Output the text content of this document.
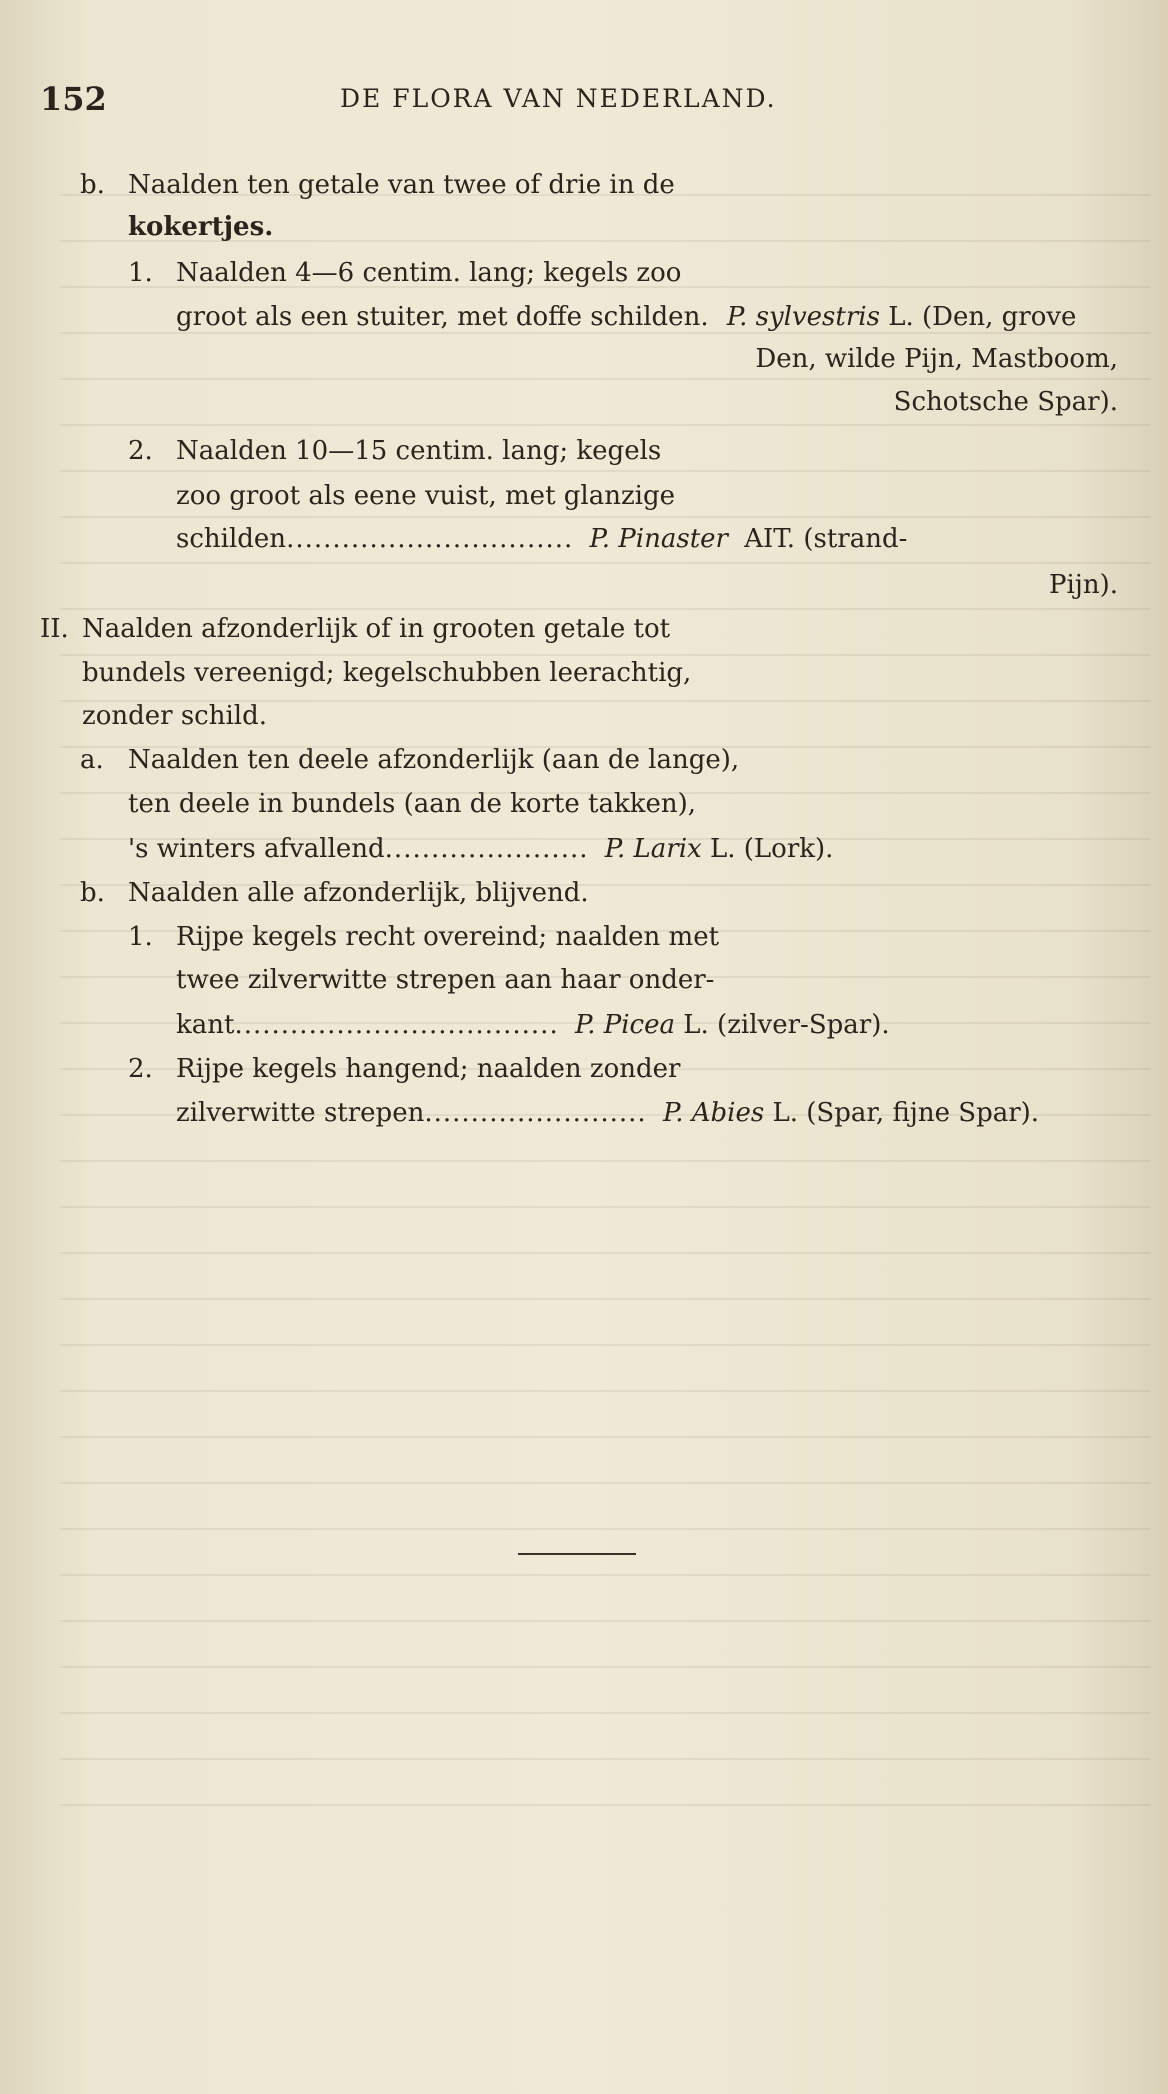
152	DE FLORA VAN NEDERLAND.
b. Naalden ten getale van twee of drie in de
kokertjes.
1. Naalden 4—6 centim. lang; kegels zoo
groot als een stuiter, met doffe schilden. P. sylvestris L. (Den, grove
Den, wilde Pijn, Mastboom,
Schotsche Spar).
2. Naalden 10—15 centim. lang; kegels
zoo groot als eene vuist, met glanzige
schilden............................... P. Pinaster AIT. (strand-
Pijn).
II. Naalden afzonderlijk of in grooten getale tot
bundels vereenigd; kegelschubben leerachtig,
zonder schild.
a. Naalden ten deele afzonderlijk (aan de lange),
ten deele in bundels (aan de korte takken),
's winters afvallend...................... P. Larix L. (Lork).
b. Naalden alle afzonderlijk, blijvend.
1. Rijpe kegels recht overeind; naalden met
twee zilverwitte strepen aan haar onder-
kant................................... P. Picea L. (zilver-Spar).
2. Rijpe kegels hangend; naalden zonder
zilverwitte strepen........................ P. Abies L. (Spar, fijne Spar).
